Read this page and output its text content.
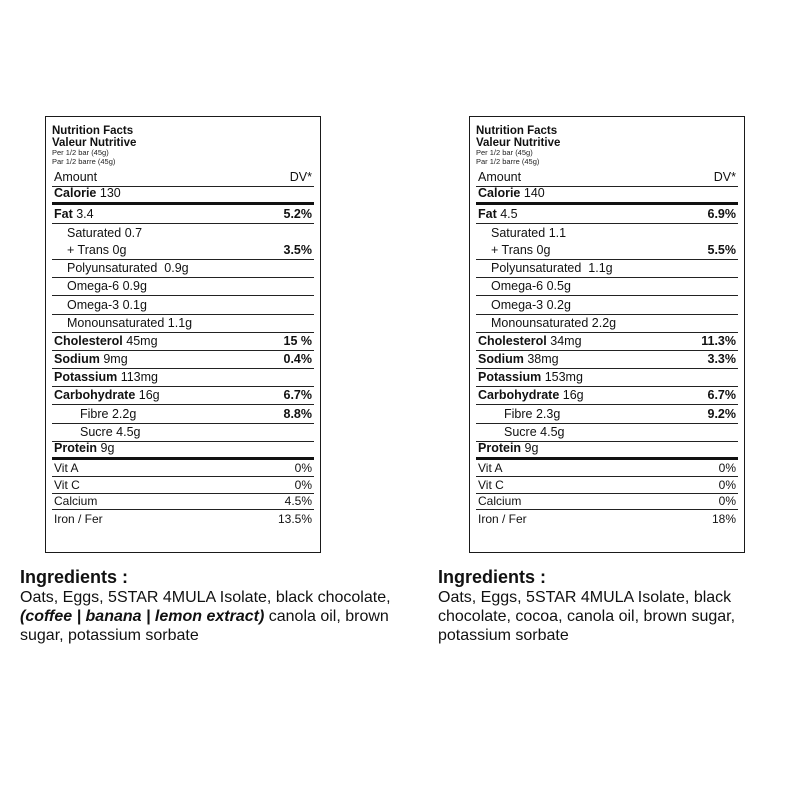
Nutrition Facts
Valeur Nutritive
Per 1/2 bar (45g)
Par 1/2 barre (45g)
Amount	DV*
Calorie 130
Fat 3.4	5.2%
Saturated 0.7
+ Trans 0g	3.5%
Polyunsaturated 0.9g
Omega-6 0.9g
Omega-3 0.1g
Monounsaturated 1.1g
Cholesterol 45mg	15 %
Sodium 9mg	0.4%
Potassium 113mg
Carbohydrate 16g	6.7%
Fibre 2.2g	8.8%
Sucre 4.5g
Protein 9g
Vit A	0%
Vit C	0%
Calcium	4.5%
Iron / Fer	13.5%
Nutrition Facts
Valeur Nutritive
Per 1/2 bar (45g)
Par 1/2 barre (45g)
Amount	DV*
Calorie 140
Fat 4.5	6.9%
Saturated 1.1
+ Trans 0g	5.5%
Polyunsaturated 1.1g
Omega-6 0.5g
Omega-3 0.2g
Monounsaturated 2.2g
Cholesterol 34mg	11.3%
Sodium 38mg	3.3%
Potassium 153mg
Carbohydrate 16g	6.7%
Fibre 2.3g	9.2%
Sucre 4.5g
Protein 9g
Vit A	0%
Vit C	0%
Calcium	0%
Iron / Fer	18%
Ingredients :
Oats, Eggs, 5STAR 4MULA Isolate, black chocolate, (coffee | banana | lemon extract) canola oil, brown sugar, potassium sorbate
Ingredients :
Oats, Eggs, 5STAR 4MULA Isolate, black chocolate, cocoa, canola oil, brown sugar, potassium sorbate
